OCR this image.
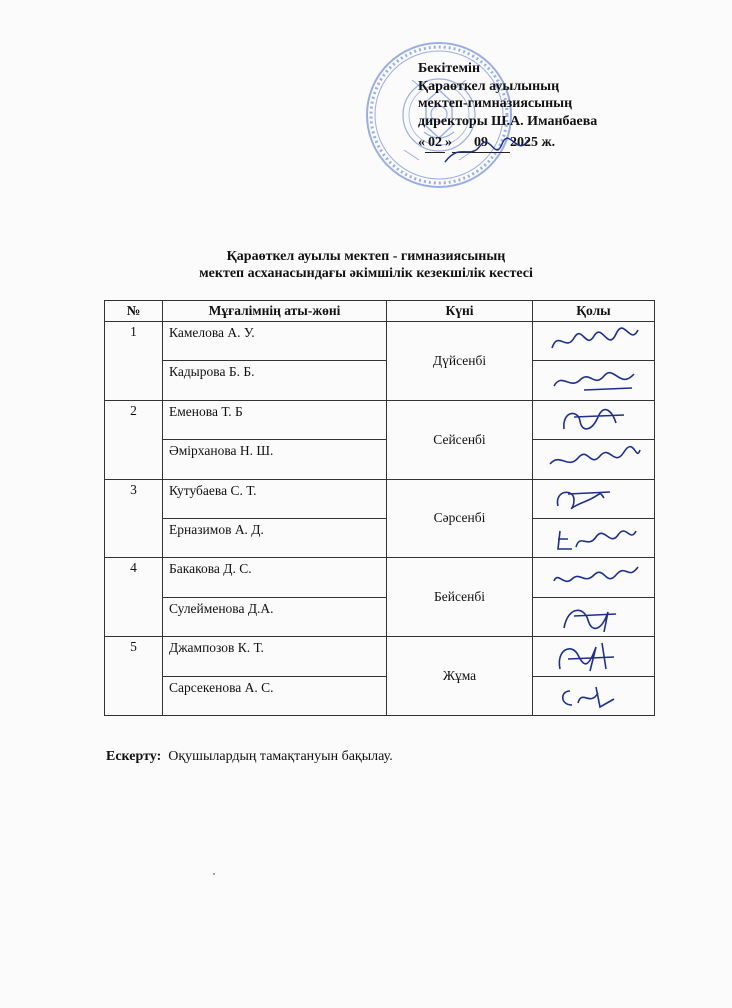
Бекітемін
Қараөткел ауылының
мектеп-гимназиясының
директоры Ш.А. Иманбаева
« 02 » 09 2025 ж.
Қараөткел ауылы мектеп - гимназиясының
мектеп асханасындағы әкімшілік кезекшілік кестесі
№	Мұғалімнің аты-жөні	Күні	Қолы
1	Камелова А. У.	Дүйсенбі	

	Кадырова Б. Б.	

2	Еменова Т. Б	Сейсенбі	

	Әмірханова Н. Ш.	

3	Кутубаева С. Т.	Сәрсенбі	

	Ерназимов А. Д.	

4	Бакакова Д. С.	Бейсенбі	

	Сулейменова Д.А.	

5	Джампозов К. Т.	Жұма	

	Сарсекенова А. С.	
Ескерту: Оқушылардың тамақтануын бақылау.
